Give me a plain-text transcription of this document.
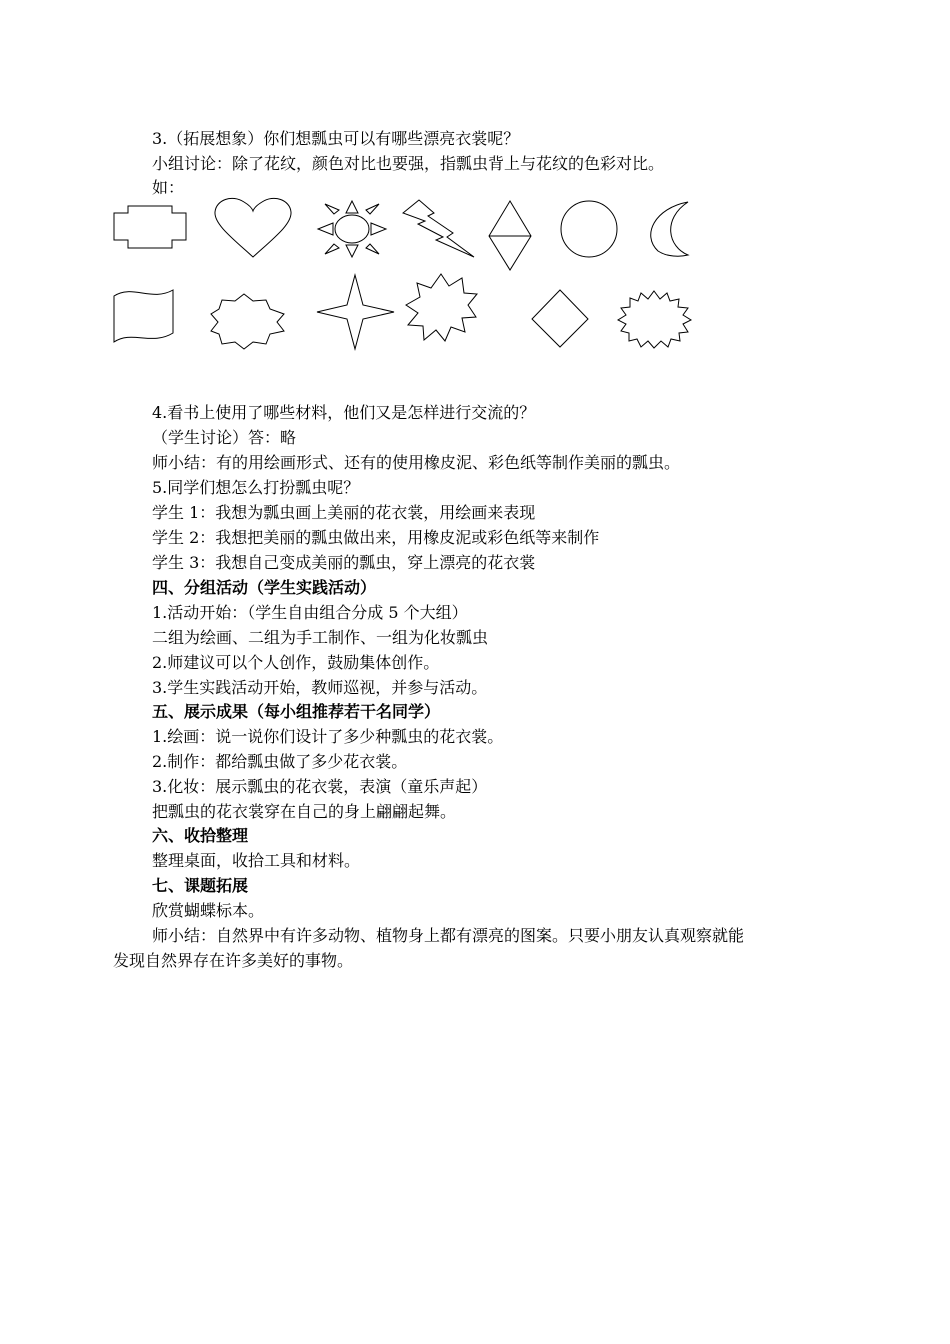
3.（拓展想象）你们想瓢虫可以有哪些漂亮衣裳呢？
小组讨论：除了花纹，颜色对比也要强，指瓢虫背上与花纹的色彩对比。
如：
4.看书上使用了哪些材料，他们又是怎样进行交流的？
（学生讨论）答：略
师小结：有的用绘画形式、还有的使用橡皮泥、彩色纸等制作美丽的瓢虫。
5.同学们想怎么打扮瓢虫呢？
学生 1：我想为瓢虫画上美丽的花衣裳，用绘画来表现
学生 2：我想把美丽的瓢虫做出来，用橡皮泥或彩色纸等来制作
学生 3：我想自己变成美丽的瓢虫，穿上漂亮的花衣裳
四、分组活动（学生实践活动）
1.活动开始：（学生自由组合分成 5 个大组）
二组为绘画、二组为手工制作、一组为化妆瓢虫
2.师建议可以个人创作，鼓励集体创作。
3.学生实践活动开始，教师巡视，并参与活动。
五、展示成果（每小组推荐若干名同学）
1.绘画：说一说你们设计了多少种瓢虫的花衣裳。
2.制作：都给瓢虫做了多少花衣裳。
3.化妆：展示瓢虫的花衣裳，表演（童乐声起）
把瓢虫的花衣裳穿在自己的身上翩翩起舞。
六、收拾整理
整理桌面，收拾工具和材料。
七、课题拓展
欣赏蝴蝶标本。
师小结：自然界中有许多动物、植物身上都有漂亮的图案。只要小朋友认真观察就能
发现自然界存在许多美好的事物。
